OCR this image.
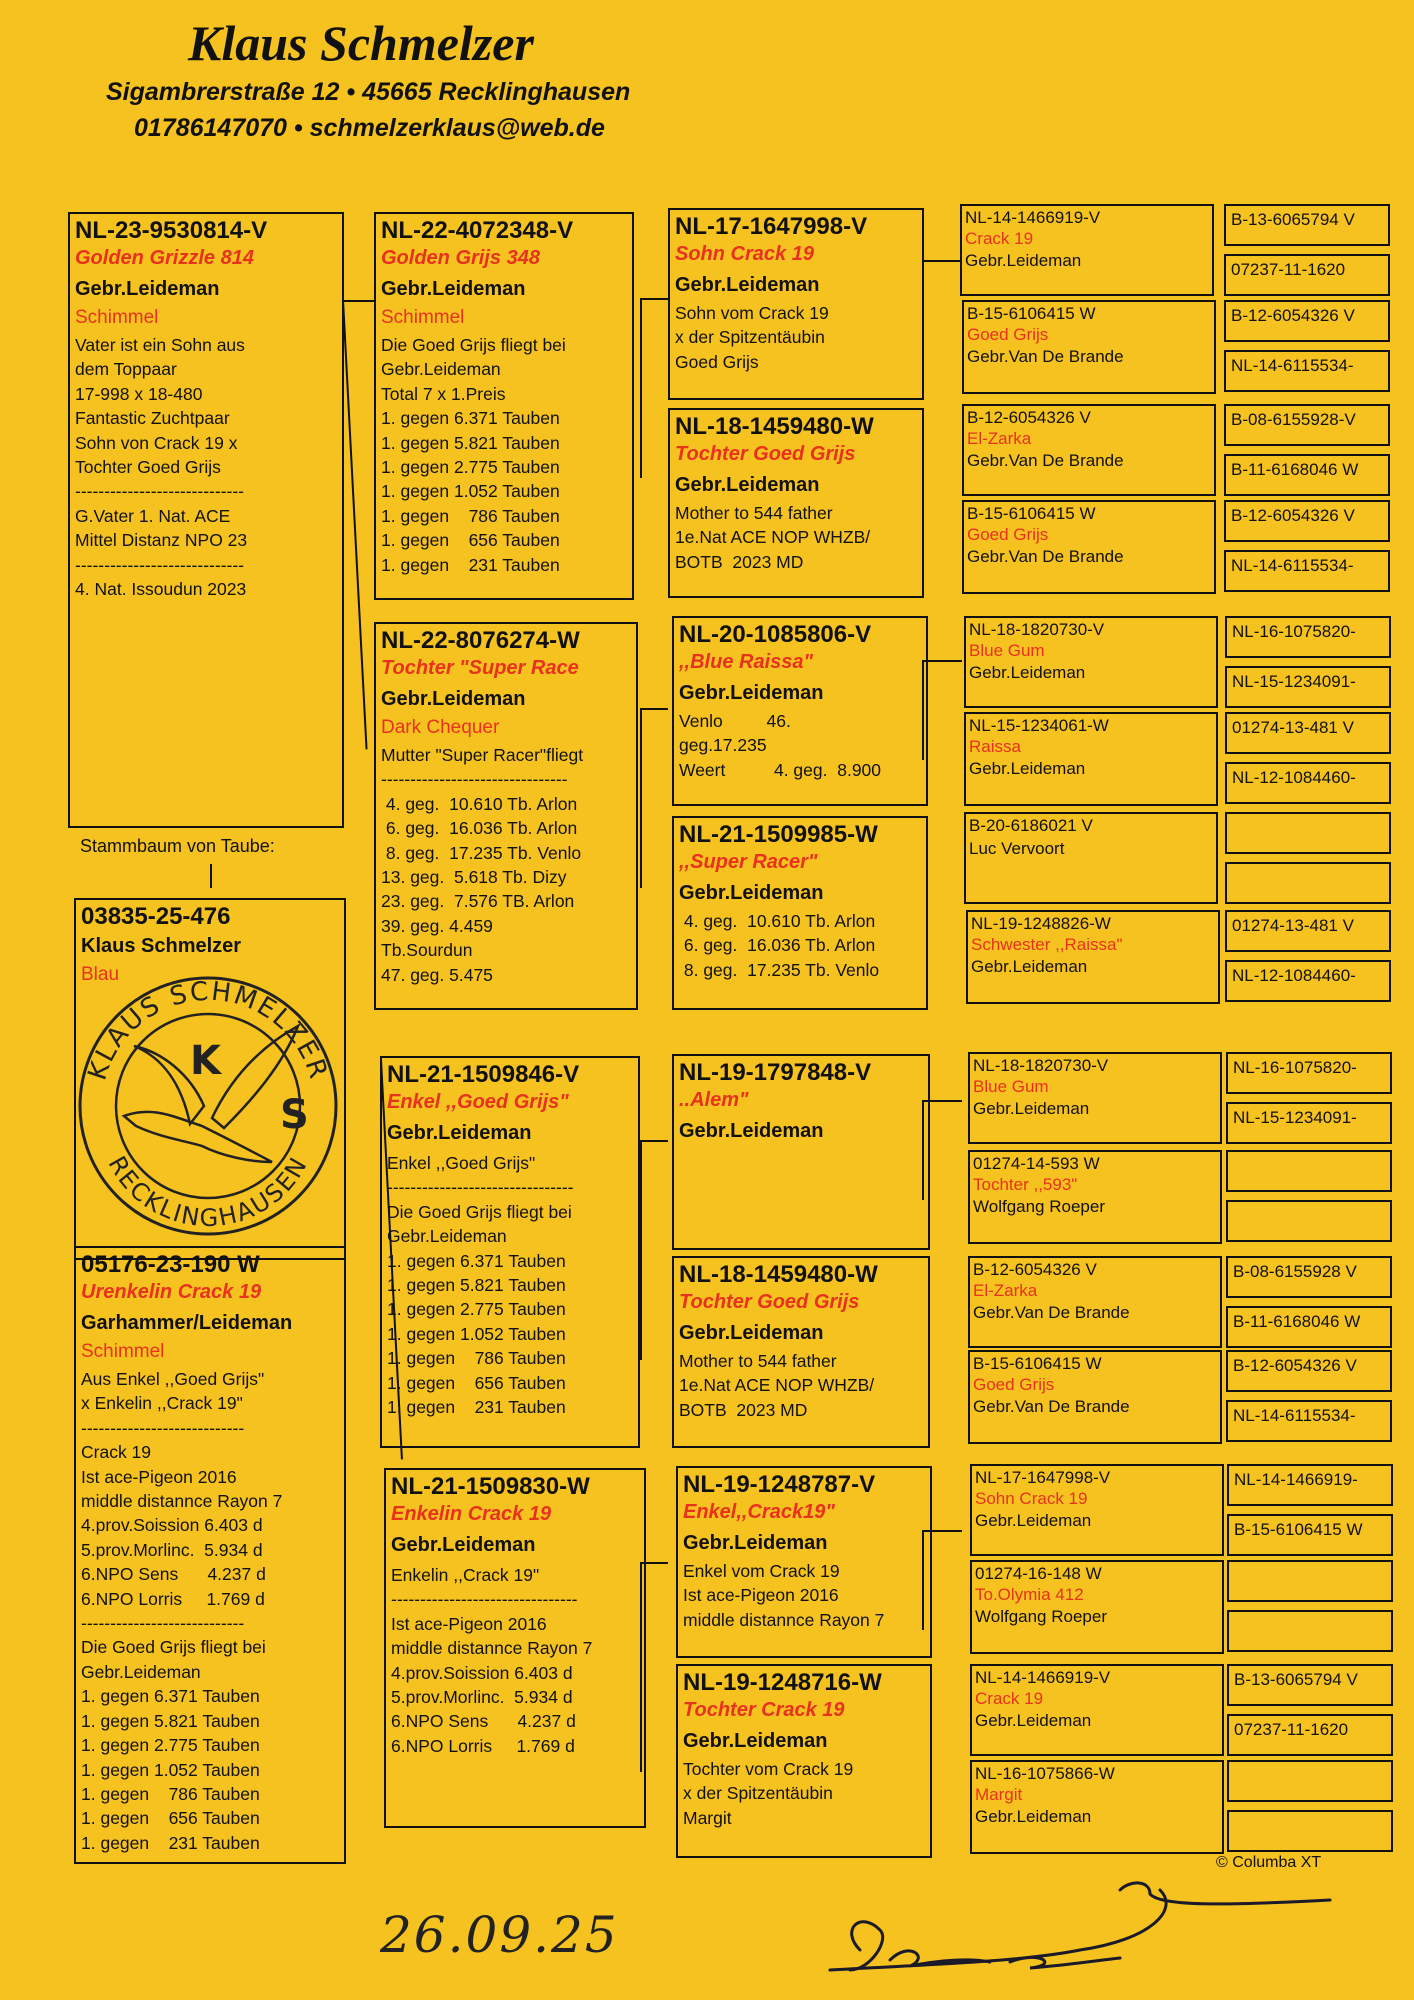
Klaus Schmelzer
Sigambrerstraße 12 • 45665 Recklinghausen
01786147070 • schmelzerklaus@web.de
NL-23-9530814-V
Golden Grizzle 814
Gebr.Leideman
Schimmel
Vater ist ein Sohn aus
dem Toppaar
17-998 x 18-480
Fantastic Zuchtpaar
Sohn von Crack 19 x
Tochter Goed Grijs
-----------------------------
G.Vater 1. Nat. ACE
Mittel Distanz NPO 23
-----------------------------
4. Nat. Issoudun 2023
Stammbaum von Taube:
03835-25-476
Klaus Schmelzer
Blau
KLAUS SCHMELZER
RECKLINGHAUSEN
K
S
05176-23-190 W
Urenkelin Crack 19
Garhammer/Leideman
Schimmel
Aus Enkel ,,Goed Grijs"
x Enkelin ,,Crack 19"
----------------------------
Crack 19
Ist ace-Pigeon 2016
middle distannce Rayon 7
4.prov.Soission 6.403 d
5.prov.Morlinc.  5.934 d
6.NPO Sens      4.237 d
6.NPO Lorris     1.769 d
----------------------------
Die Goed Grijs fliegt bei
Gebr.Leideman
1. gegen 6.371 Tauben
1. gegen 5.821 Tauben
1. gegen 2.775 Tauben
1. gegen 1.052 Tauben
1. gegen    786 Tauben
1. gegen    656 Tauben
1. gegen    231 Tauben
NL-22-4072348-V
Golden Grijs 348
Gebr.Leideman
Schimmel
Die Goed Grijs fliegt bei
Gebr.Leideman
Total 7 x 1.Preis
1. gegen 6.371 Tauben
1. gegen 5.821 Tauben
1. gegen 2.775 Tauben
1. gegen 1.052 Tauben
1. gegen    786 Tauben
1. gegen    656 Tauben
1. gegen    231 Tauben
NL-22-8076274-W
Tochter "Super Race
Gebr.Leideman
Dark Chequer
Mutter "Super Racer"fliegt
--------------------------------
4. geg.  10.610 Tb. Arlon
6. geg.  16.036 Tb. Arlon
8. geg.  17.235 Tb. Venlo
13. geg.  5.618 Tb. Dizy
23. geg.  7.576 TB. Arlon
39. geg. 4.459
Tb.Sourdun
47. geg. 5.475
NL-21-1509846-V
Enkel ,,Goed Grijs"
Gebr.Leideman
Enkel ,,Goed Grijs"
--------------------------------
Die Goed Grijs fliegt bei
Gebr.Leideman
1. gegen 6.371 Tauben
1. gegen 5.821 Tauben
1. gegen 2.775 Tauben
1. gegen 1.052 Tauben
1. gegen    786 Tauben
1. gegen    656 Tauben
1. gegen    231 Tauben
NL-21-1509830-W
Enkelin Crack 19
Gebr.Leideman
Enkelin ,,Crack 19"
--------------------------------
Ist ace-Pigeon 2016
middle distannce Rayon 7
4.prov.Soission 6.403 d
5.prov.Morlinc.  5.934 d
6.NPO Sens      4.237 d
6.NPO Lorris     1.769 d
NL-17-1647998-V
Sohn Crack 19
Gebr.Leideman
Sohn vom Crack 19
x der Spitzentäubin
Goed Grijs
NL-18-1459480-W
Tochter Goed Grijs
Gebr.Leideman
Mother to 544 father
1e.Nat ACE NOP WHZB/
BOTB  2023 MD
NL-20-1085806-V
,,Blue Raissa"
Gebr.Leideman
Venlo         46.
geg.17.235
Weert          4. geg.  8.900
NL-21-1509985-W
,,Super Racer"
Gebr.Leideman
4. geg.  10.610 Tb. Arlon
6. geg.  16.036 Tb. Arlon
8. geg.  17.235 Tb. Venlo
NL-19-1797848-V
..Alem"
Gebr.Leideman
NL-18-1459480-W
Tochter Goed Grijs
Gebr.Leideman
Mother to 544 father
1e.Nat ACE NOP WHZB/
BOTB  2023 MD
NL-19-1248787-V
Enkel,,Crack19"
Gebr.Leideman
Enkel vom Crack 19
Ist ace-Pigeon 2016
middle distannce Rayon 7
NL-19-1248716-W
Tochter Crack 19
Gebr.Leideman
Tochter vom Crack 19
x der Spitzentäubin
Margit
NL-14-1466919-V
Crack 19
Gebr.Leideman
B-15-6106415 W
Goed Grijs
Gebr.Van De Brande
B-12-6054326 V
El-Zarka
Gebr.Van De Brande
B-15-6106415 W
Goed Grijs
Gebr.Van De Brande
NL-18-1820730-V
Blue Gum
Gebr.Leideman
NL-15-1234061-W
Raissa
Gebr.Leideman
B-20-6186021 V
Luc Vervoort
NL-19-1248826-W
Schwester ,,Raissa"
Gebr.Leideman
NL-18-1820730-V
Blue Gum
Gebr.Leideman
01274-14-593 W
Tochter ,,593"
Wolfgang Roeper
B-12-6054326 V
El-Zarka
Gebr.Van De Brande
B-15-6106415 W
Goed Grijs
Gebr.Van De Brande
NL-17-1647998-V
Sohn Crack 19
Gebr.Leideman
01274-16-148 W
To.Olymia 412
Wolfgang Roeper
NL-14-1466919-V
Crack 19
Gebr.Leideman
NL-16-1075866-W
Margit
Gebr.Leideman
B-13-6065794 V
07237-11-1620
B-12-6054326 V
NL-14-6115534-
B-08-6155928-V
B-11-6168046 W
B-12-6054326 V
NL-14-6115534-
NL-16-1075820-
NL-15-1234091-
01274-13-481 V
NL-12-1084460-
01274-13-481 V
NL-12-1084460-
NL-16-1075820-
NL-15-1234091-
B-08-6155928 V
B-11-6168046 W
B-12-6054326 V
NL-14-6115534-
NL-14-1466919-
B-15-6106415 W
B-13-6065794 V
07237-11-1620
© Columba XT
26.09.25
